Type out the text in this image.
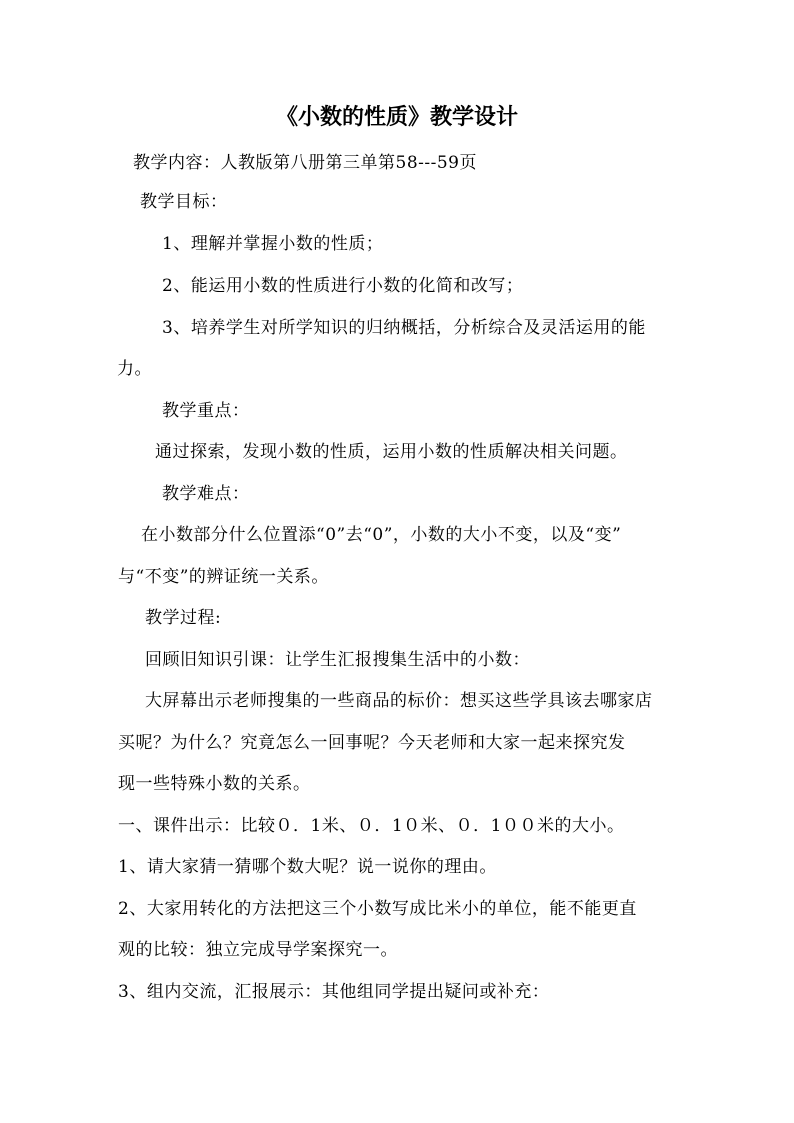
《小数的性质》教学设计
教学内容：人教版第八册第三单第58---59页
教学目标：
1、理解并掌握小数的性质；
2、能运用小数的性质进行小数的化简和改写；
3、培养学生对所学知识的归纳概括，分析综合及灵活运用的能
力。
教学重点：
通过探索，发现小数的性质，运用小数的性质解决相关问题。
教学难点：
在小数部分什么位置添“0”去“0”，小数的大小不变，以及“变”
与“不变”的辨证统一关系。
教学过程:
回顾旧知识引课：让学生汇报搜集生活中的小数：
大屏幕出示老师搜集的一些商品的标价：想买这些学具该去哪家店
买呢？为什么？究竟怎么一回事呢？今天老师和大家一起来探究发
现一些特殊小数的关系。
一、课件出示：比较０．1米、０．1０米、０．1００米的大小。
1、请大家猜一猜哪个数大呢？说一说你的理由。
2、大家用转化的方法把这三个小数写成比米小的单位，能不能更直
观的比较：独立完成导学案探究一。
3、组内交流，汇报展示：其他组同学提出疑问或补充：
